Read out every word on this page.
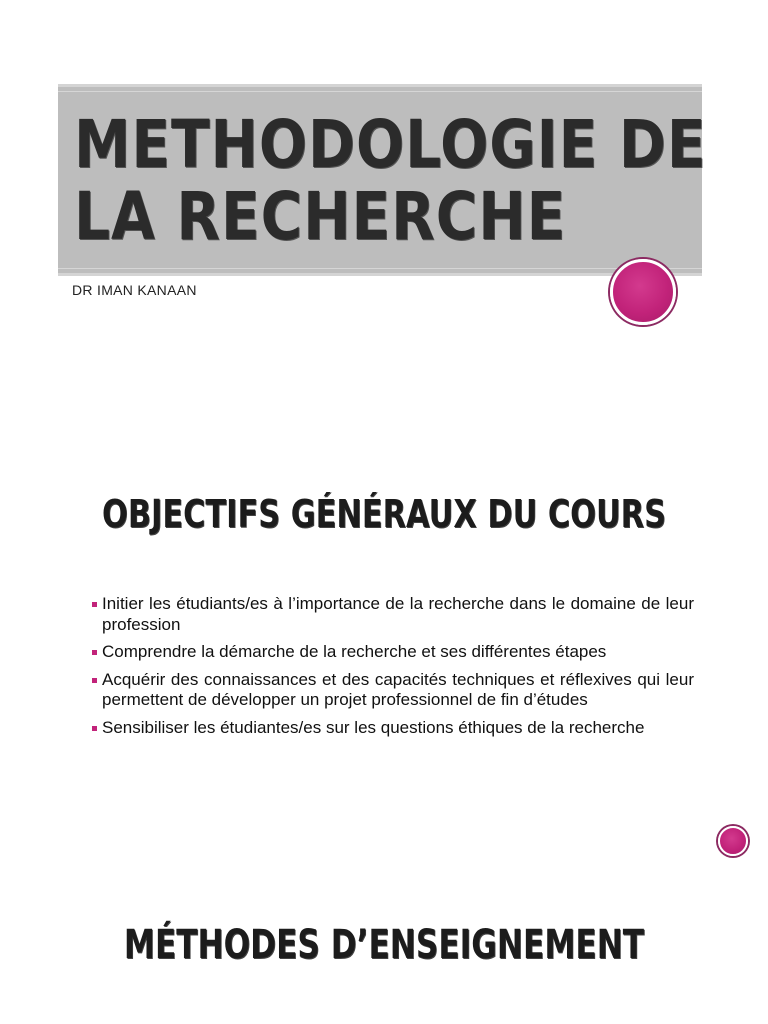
METHODOLOGIE DE
LA RECHERCHE
DR IMAN KANAAN
OBJECTIFS GÉNÉRAUX DU COURS
Initier les étudiants/es à l’importance de la recherche dans le domaine de leur profession
Comprendre la démarche de la recherche et ses différentes étapes
Acquérir des connaissances et des capacités techniques et réflexives qui leur permettent de développer un projet professionnel de fin d’études
Sensibiliser les étudiantes/es sur les questions éthiques de la recherche
MÉTHODES D’ENSEIGNEMENT
